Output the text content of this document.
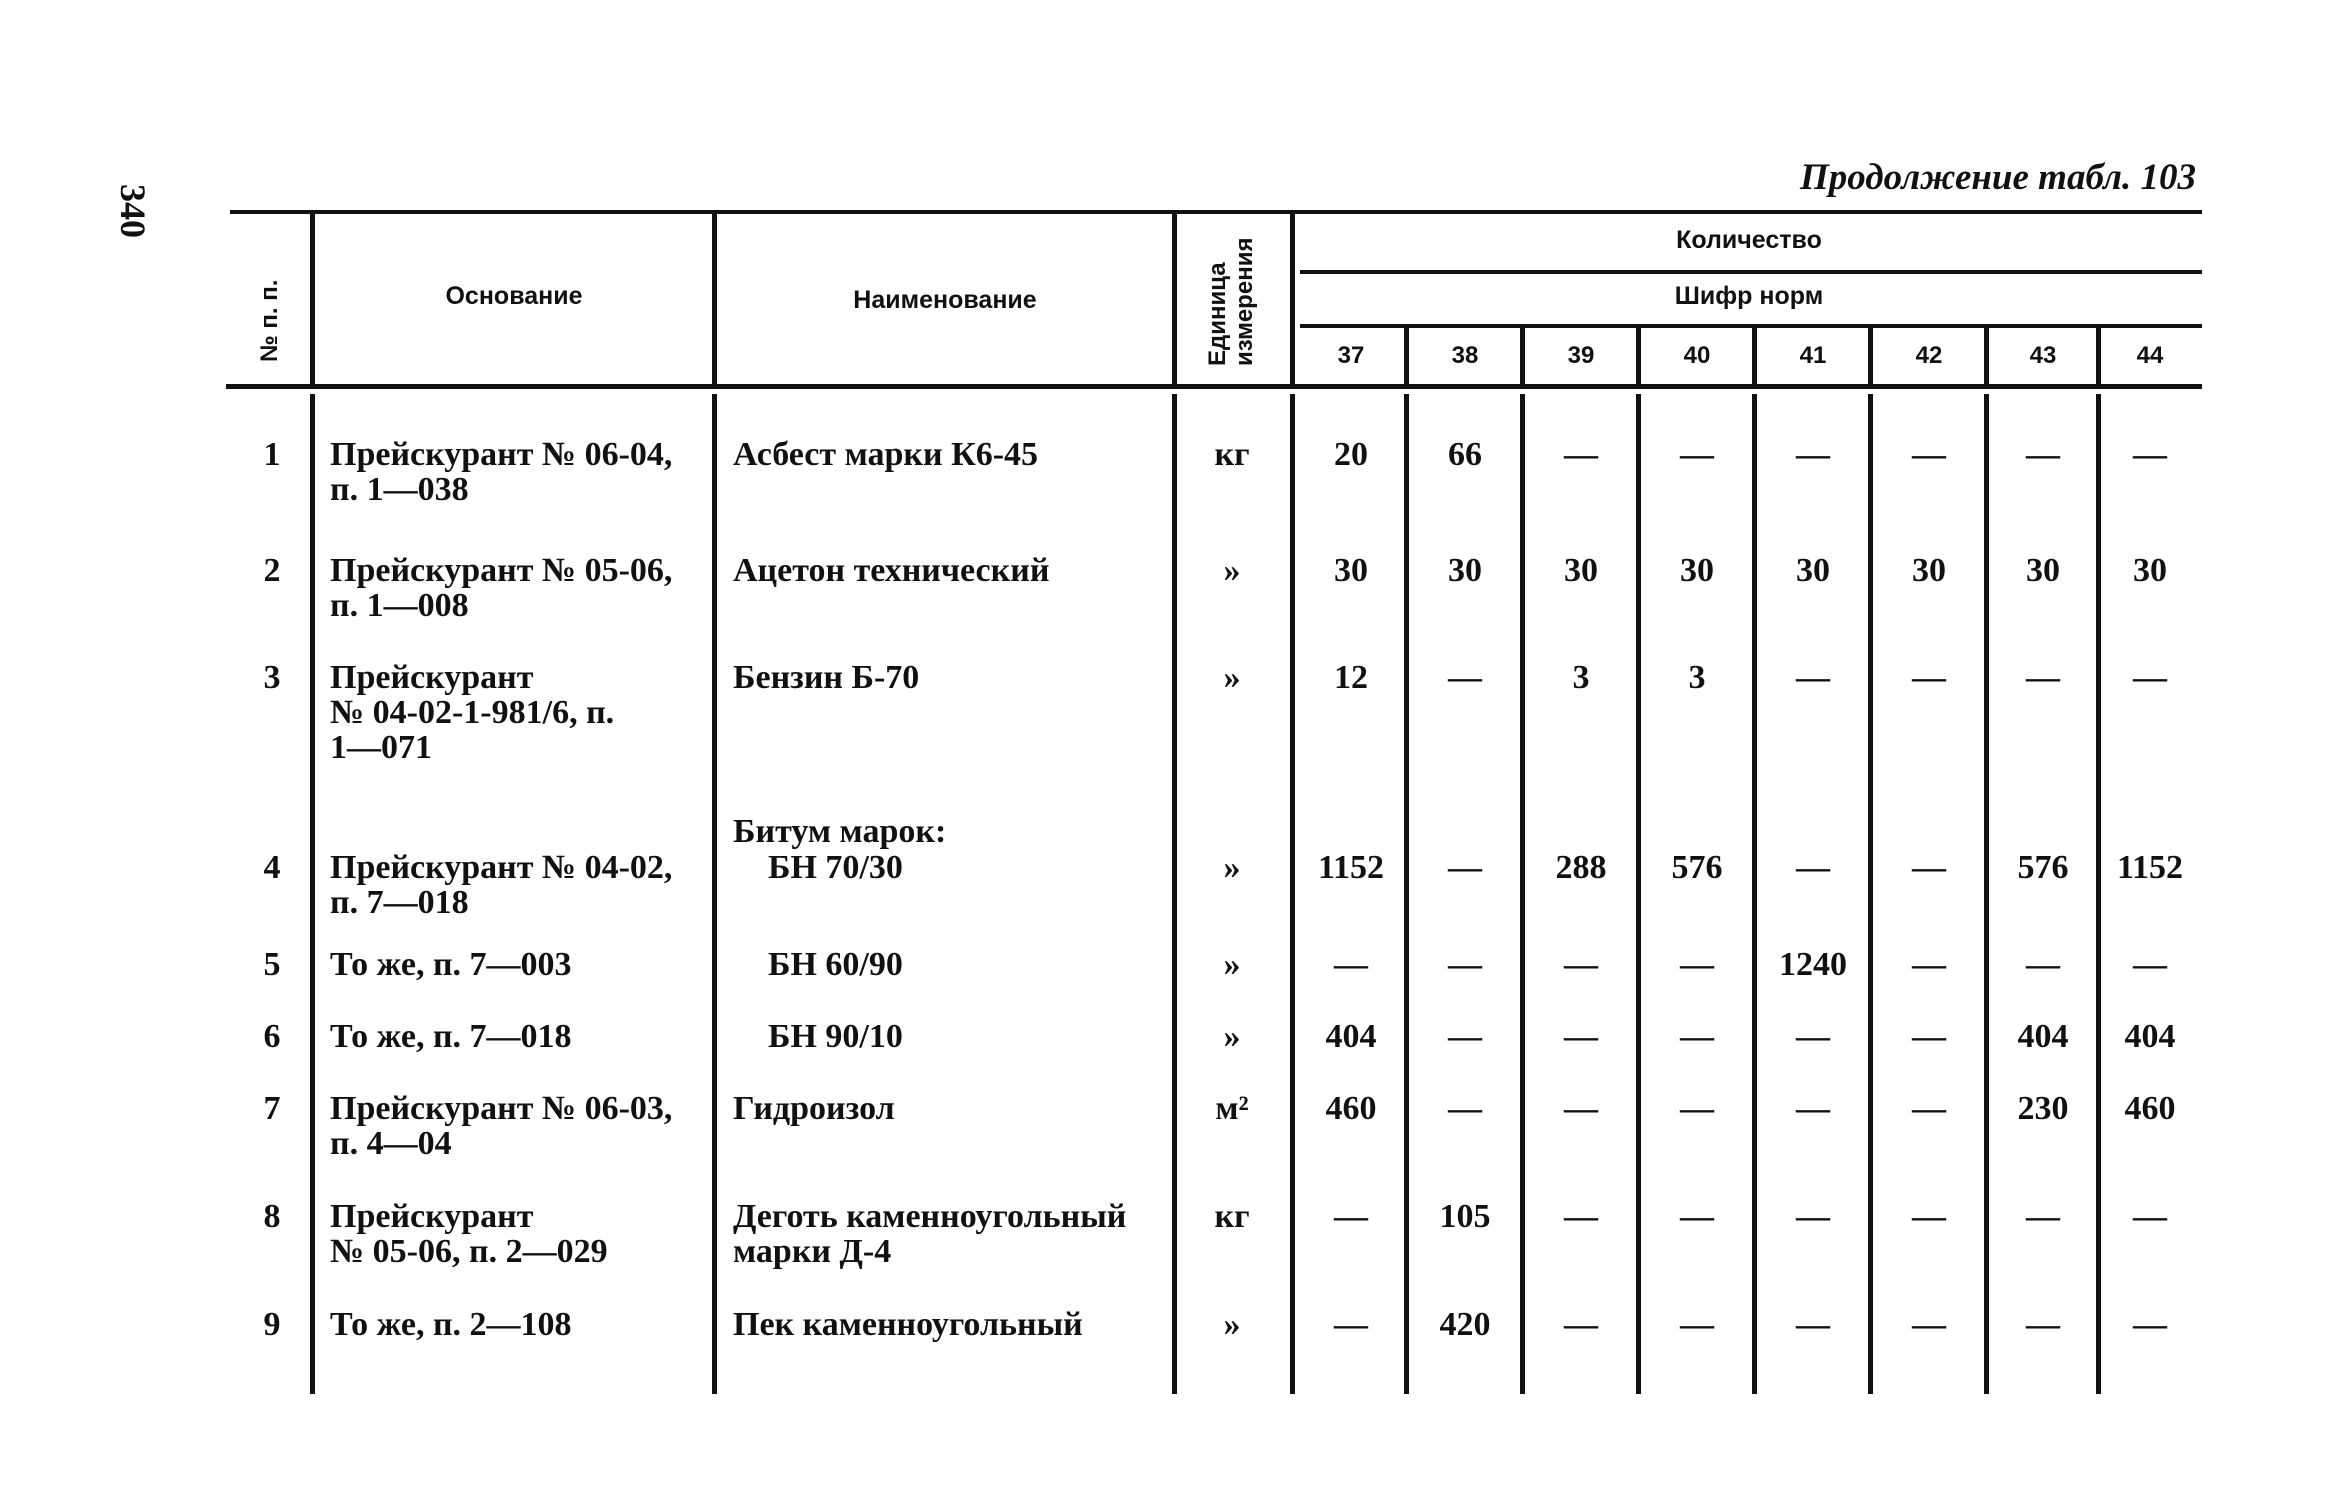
340
Продолжение табл. 103
№ п. п.	Основание	Наименование	Единица измерения	Количество
Шифр норм
37	38	39	40	41	42	43	44
1	Прейскурант № 06-04,
п. 1—038
Асбест марки К6-45	кг	20	66	—	—	—	—	—	—
2	Прейскурант № 05-06,
п. 1—008
Ацетон технический	»	30	30	30	30	30	30	30	30
3	Прейскурант
№ 04-02-1-981/6, п.
1—071
Бензин Б-70	»	12	—	3	3	—	—	—	—
4	Прейскурант № 04-02,
п. 7—018
Битум марок:
БН 70/30	»	1152	—	288	576	—	—	576	1152
5	То же, п. 7—003	БН 60/90	»	—	—	—	—	1240	—	—	—
6	То же, п. 7—018	БН 90/10	»	404	—	—	—	—	—	404	404
7	Прейскурант № 06-03,
п. 4—04
Гидроизол	м²	460	—	—	—	—	—	230	460
8	Прейскурант
№ 05-06, п. 2—029
Деготь каменноугольный
марки Д-4
кг	—	105	—	—	—	—	—	—
9	То же, п. 2—108	Пек каменноугольный	»	—	420	—	—	—	—	—	—
